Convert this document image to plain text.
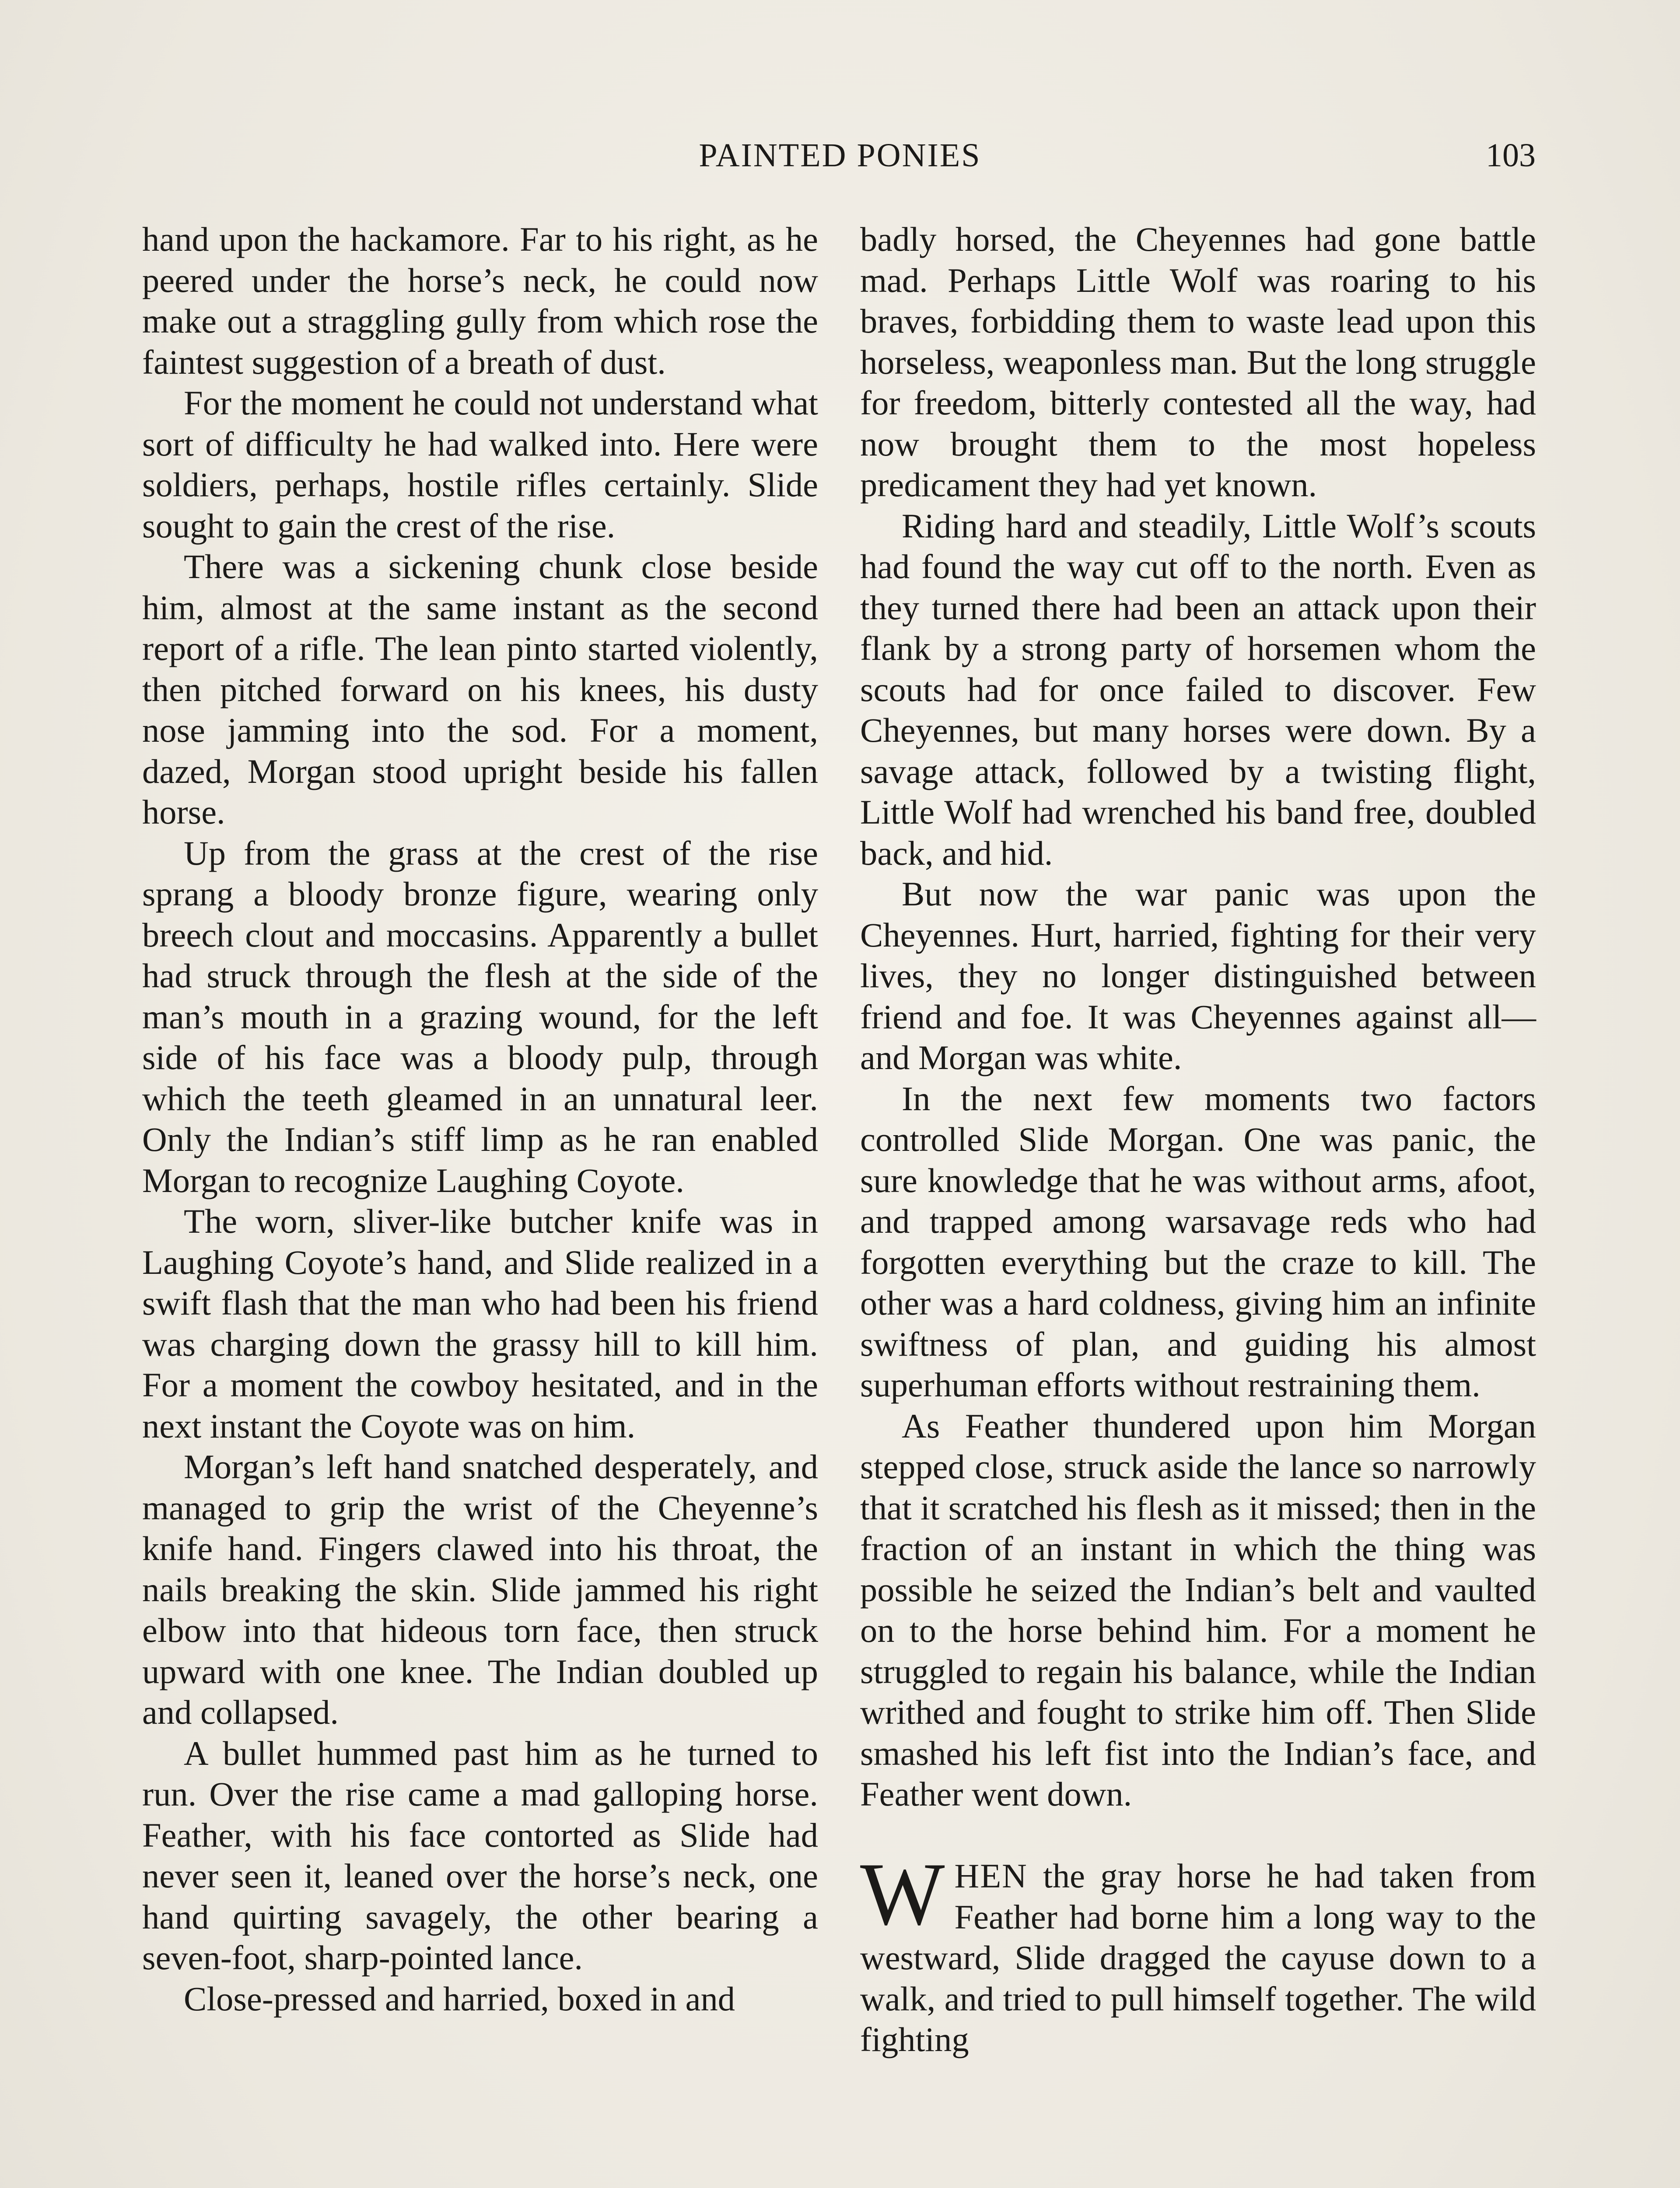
PAINTED PONIES	103

hand upon the hackamore. Far to his right, as he peered under the horse’s neck, he could now make out a straggling gully from which rose the faintest suggestion of a breath of dust.

For the moment he could not understand what sort of difficulty he had walked into. Here were soldiers, perhaps, hostile rifles certainly. Slide sought to gain the crest of the rise.

There was a sickening chunk close beside him, almost at the same instant as the second report of a rifle. The lean pinto started violently, then pitched forward on his knees, his dusty nose jamming into the sod. For a moment, dazed, Morgan stood upright beside his fallen horse.

Up from the grass at the crest of the rise sprang a bloody bronze figure, wearing only breech clout and moccasins. Apparently a bullet had struck through the flesh at the side of the man’s mouth in a grazing wound, for the left side of his face was a bloody pulp, through which the teeth gleamed in an unnatural leer. Only the Indian’s stiff limp as he ran enabled Morgan to recognize Laughing Coyote.

The worn, sliver-like butcher knife was in Laughing Coyote’s hand, and Slide realized in a swift flash that the man who had been his friend was charging down the grassy hill to kill him. For a moment the cowboy hesitated, and in the next instant the Coyote was on him.

Morgan’s left hand snatched desperately, and managed to grip the wrist of the Cheyenne’s knife hand. Fingers clawed into his throat, the nails breaking the skin. Slide jammed his right elbow into that hideous torn face, then struck upward with one knee. The Indian doubled up and collapsed.

A bullet hummed past him as he turned to run. Over the rise came a mad galloping horse. Feather, with his face contorted as Slide had never seen it, leaned over the horse’s neck, one hand quirting savagely, the other bearing a seven-foot, sharp-pointed lance.

Close-pressed and harried, boxed in and

badly horsed, the Cheyennes had gone battle mad. Perhaps Little Wolf was roaring to his braves, forbidding them to waste lead upon this horseless, weaponless man. But the long struggle for freedom, bitterly contested all the way, had now brought them to the most hopeless predicament they had yet known.

Riding hard and steadily, Little Wolf’s scouts had found the way cut off to the north. Even as they turned there had been an attack upon their flank by a strong party of horsemen whom the scouts had for once failed to discover. Few Cheyennes, but many horses were down. By a savage attack, followed by a twisting flight, Little Wolf had wrenched his band free, doubled back, and hid.

But now the war panic was upon the Cheyennes. Hurt, harried, fighting for their very lives, they no longer distinguished between friend and foe. It was Cheyennes against all—and Morgan was white.

In the next few moments two factors controlled Slide Morgan. One was panic, the sure knowledge that he was without arms, afoot, and trapped among warsavage reds who had forgotten everything but the craze to kill. The other was a hard coldness, giving him an infinite swiftness of plan, and guiding his almost superhuman efforts without restraining them.

As Feather thundered upon him Morgan stepped close, struck aside the lance so narrowly that it scratched his flesh as it missed; then in the fraction of an instant in which the thing was possible he seized the Indian’s belt and vaulted on to the horse behind him. For a moment he struggled to regain his balance, while the Indian writhed and fought to strike him off. Then Slide smashed his left fist into the Indian’s face, and Feather went down.

WHEN the gray horse he had taken from Feather had borne him a long way to the westward, Slide dragged the cayuse down to a walk, and tried to pull himself together. The wild fighting
